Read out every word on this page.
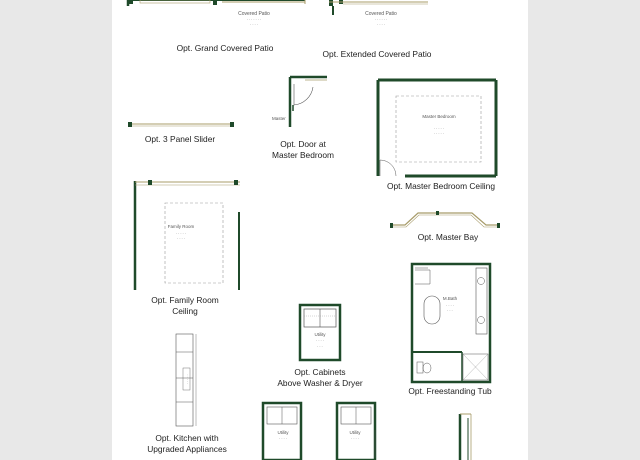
Covered Patio
· · · · · · ·
· · · ·
Covered Patio
· · · · · ·
· · · ·
Master	Master Bedroom
· · · · ·
· · · · ·
Family Room
· · · · ·
· · · ·
Utility
· · · ·
· · ·
M.Bath
· · · ·
· · ·
· · · · ·
Utility
· · · ·
Utility
· · · ·
Opt. Grand Covered Patio
Opt. Extended Covered Patio
Opt. 3 Panel Slider	Opt. Door at
Master Bedroom
Opt. Master Bedroom Ceiling
Opt. Master Bay
Opt. Family Room
Ceiling
Opt. Cabinets
Above Washer & Dryer
Opt. Freestanding Tub
Opt. Kitchen with
Upgraded Appliances
